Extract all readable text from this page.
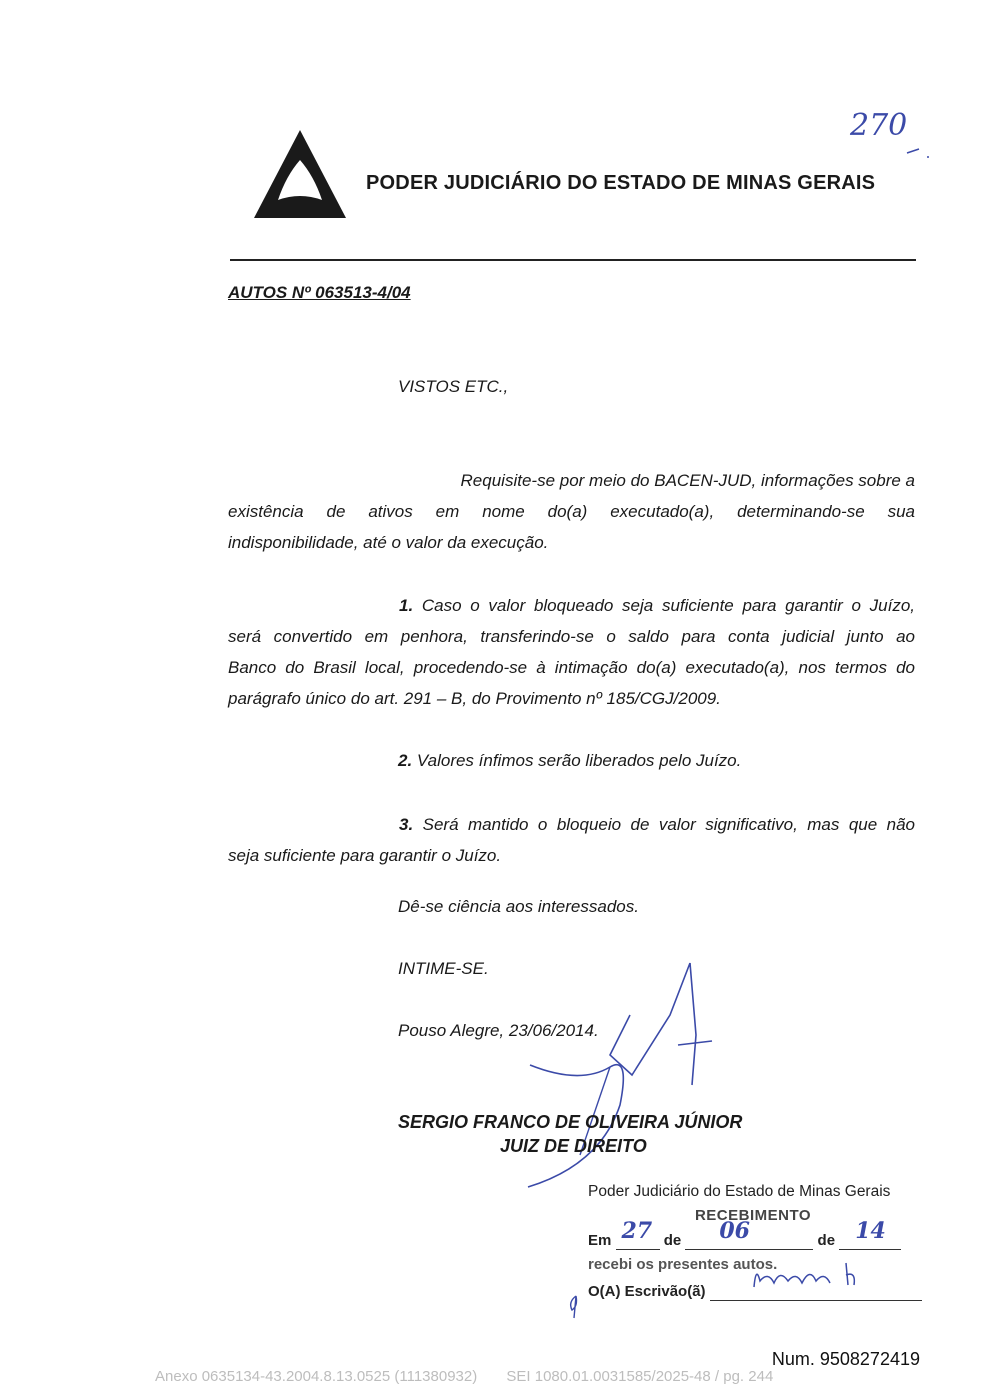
270
PODER JUDICIÁRIO DO ESTADO DE MINAS GERAIS
AUTOS Nº 063513-4/04
VISTOS ETC.,
Requisite-se por meio do BACEN-JUD, informações sobre a
existência de ativos em nome do(a) executado(a), determinando-se sua
indisponibilidade, até o valor da execução.
1. Caso o valor bloqueado seja suficiente para garantir o Juízo,
será convertido em penhora, transferindo-se o saldo para conta judicial junto ao
Banco do Brasil local, procedendo-se à intimação do(a) executado(a), nos termos do
parágrafo único do art. 291 – B, do Provimento nº 185/CGJ/2009.
2. Valores ínfimos serão liberados pelo Juízo.
3. Será mantido o bloqueio de valor significativo, mas que não
seja suficiente para garantir o Juízo.
Dê-se ciência aos interessados.
INTIME-SE.
Pouso Alegre, 23/06/2014.
SERGIO FRANCO DE OLIVEIRA JÚNIOR
JUIZ DE DIREITO
Poder Judiciário do Estado de Minas Gerais
RECEBIMENTO
Em 27 de 06	de 14

recebi os presentes autos.
O(A) Escrivão(ã)

Num. 9508272419
Anexo 0635134-43.2004.8.13.0525 (111380932)       SEI 1080.01.0031585/2025-48 / pg. 244
